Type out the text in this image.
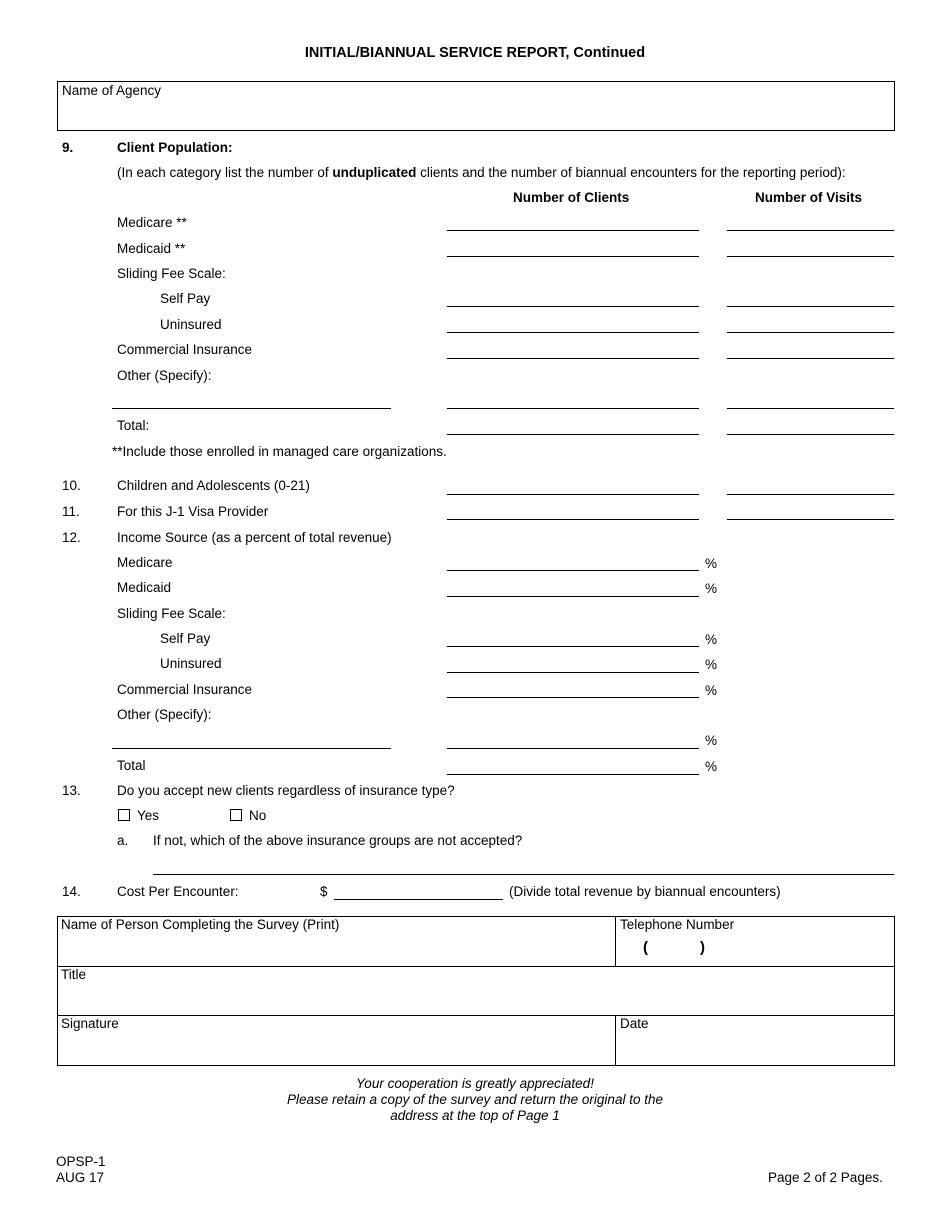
INITIAL/BIANNUAL SERVICE REPORT, Continued
Name of Agency
9.	Client Population:
(In each category list the number of unduplicated clients and the number of biannual encounters for the reporting period):
Number of Clients	Number of Visits
Medicare **
Medicaid **
Sliding Fee Scale:
Self Pay
Uninsured
Commercial Insurance
Other (Specify):
Total:
**Include those enrolled in managed care organizations.
10.	Children and Adolescents (0-21)
11.	For this J-1 Visa Provider
12.	Income Source (as a percent of total revenue)
Medicare	%
Medicaid	%
Sliding Fee Scale:
Self Pay	%
Uninsured	%
Commercial Insurance	%
Other (Specify):
%
Total	%
13.	Do you accept new clients regardless of insurance type?
Yes	No
a. If not, which of the above insurance groups are not accepted?
14.	Cost Per Encounter:	$	(Divide total revenue by biannual encounters)
Name of Person Completing the Survey (Print)	Telephone Number
(	)
Title
Signature	Date
Your cooperation is greatly appreciated!
Please retain a copy of the survey and return the original to the
address at the top of Page 1
OPSP-1
AUG 17	Page 2 of 2 Pages.
